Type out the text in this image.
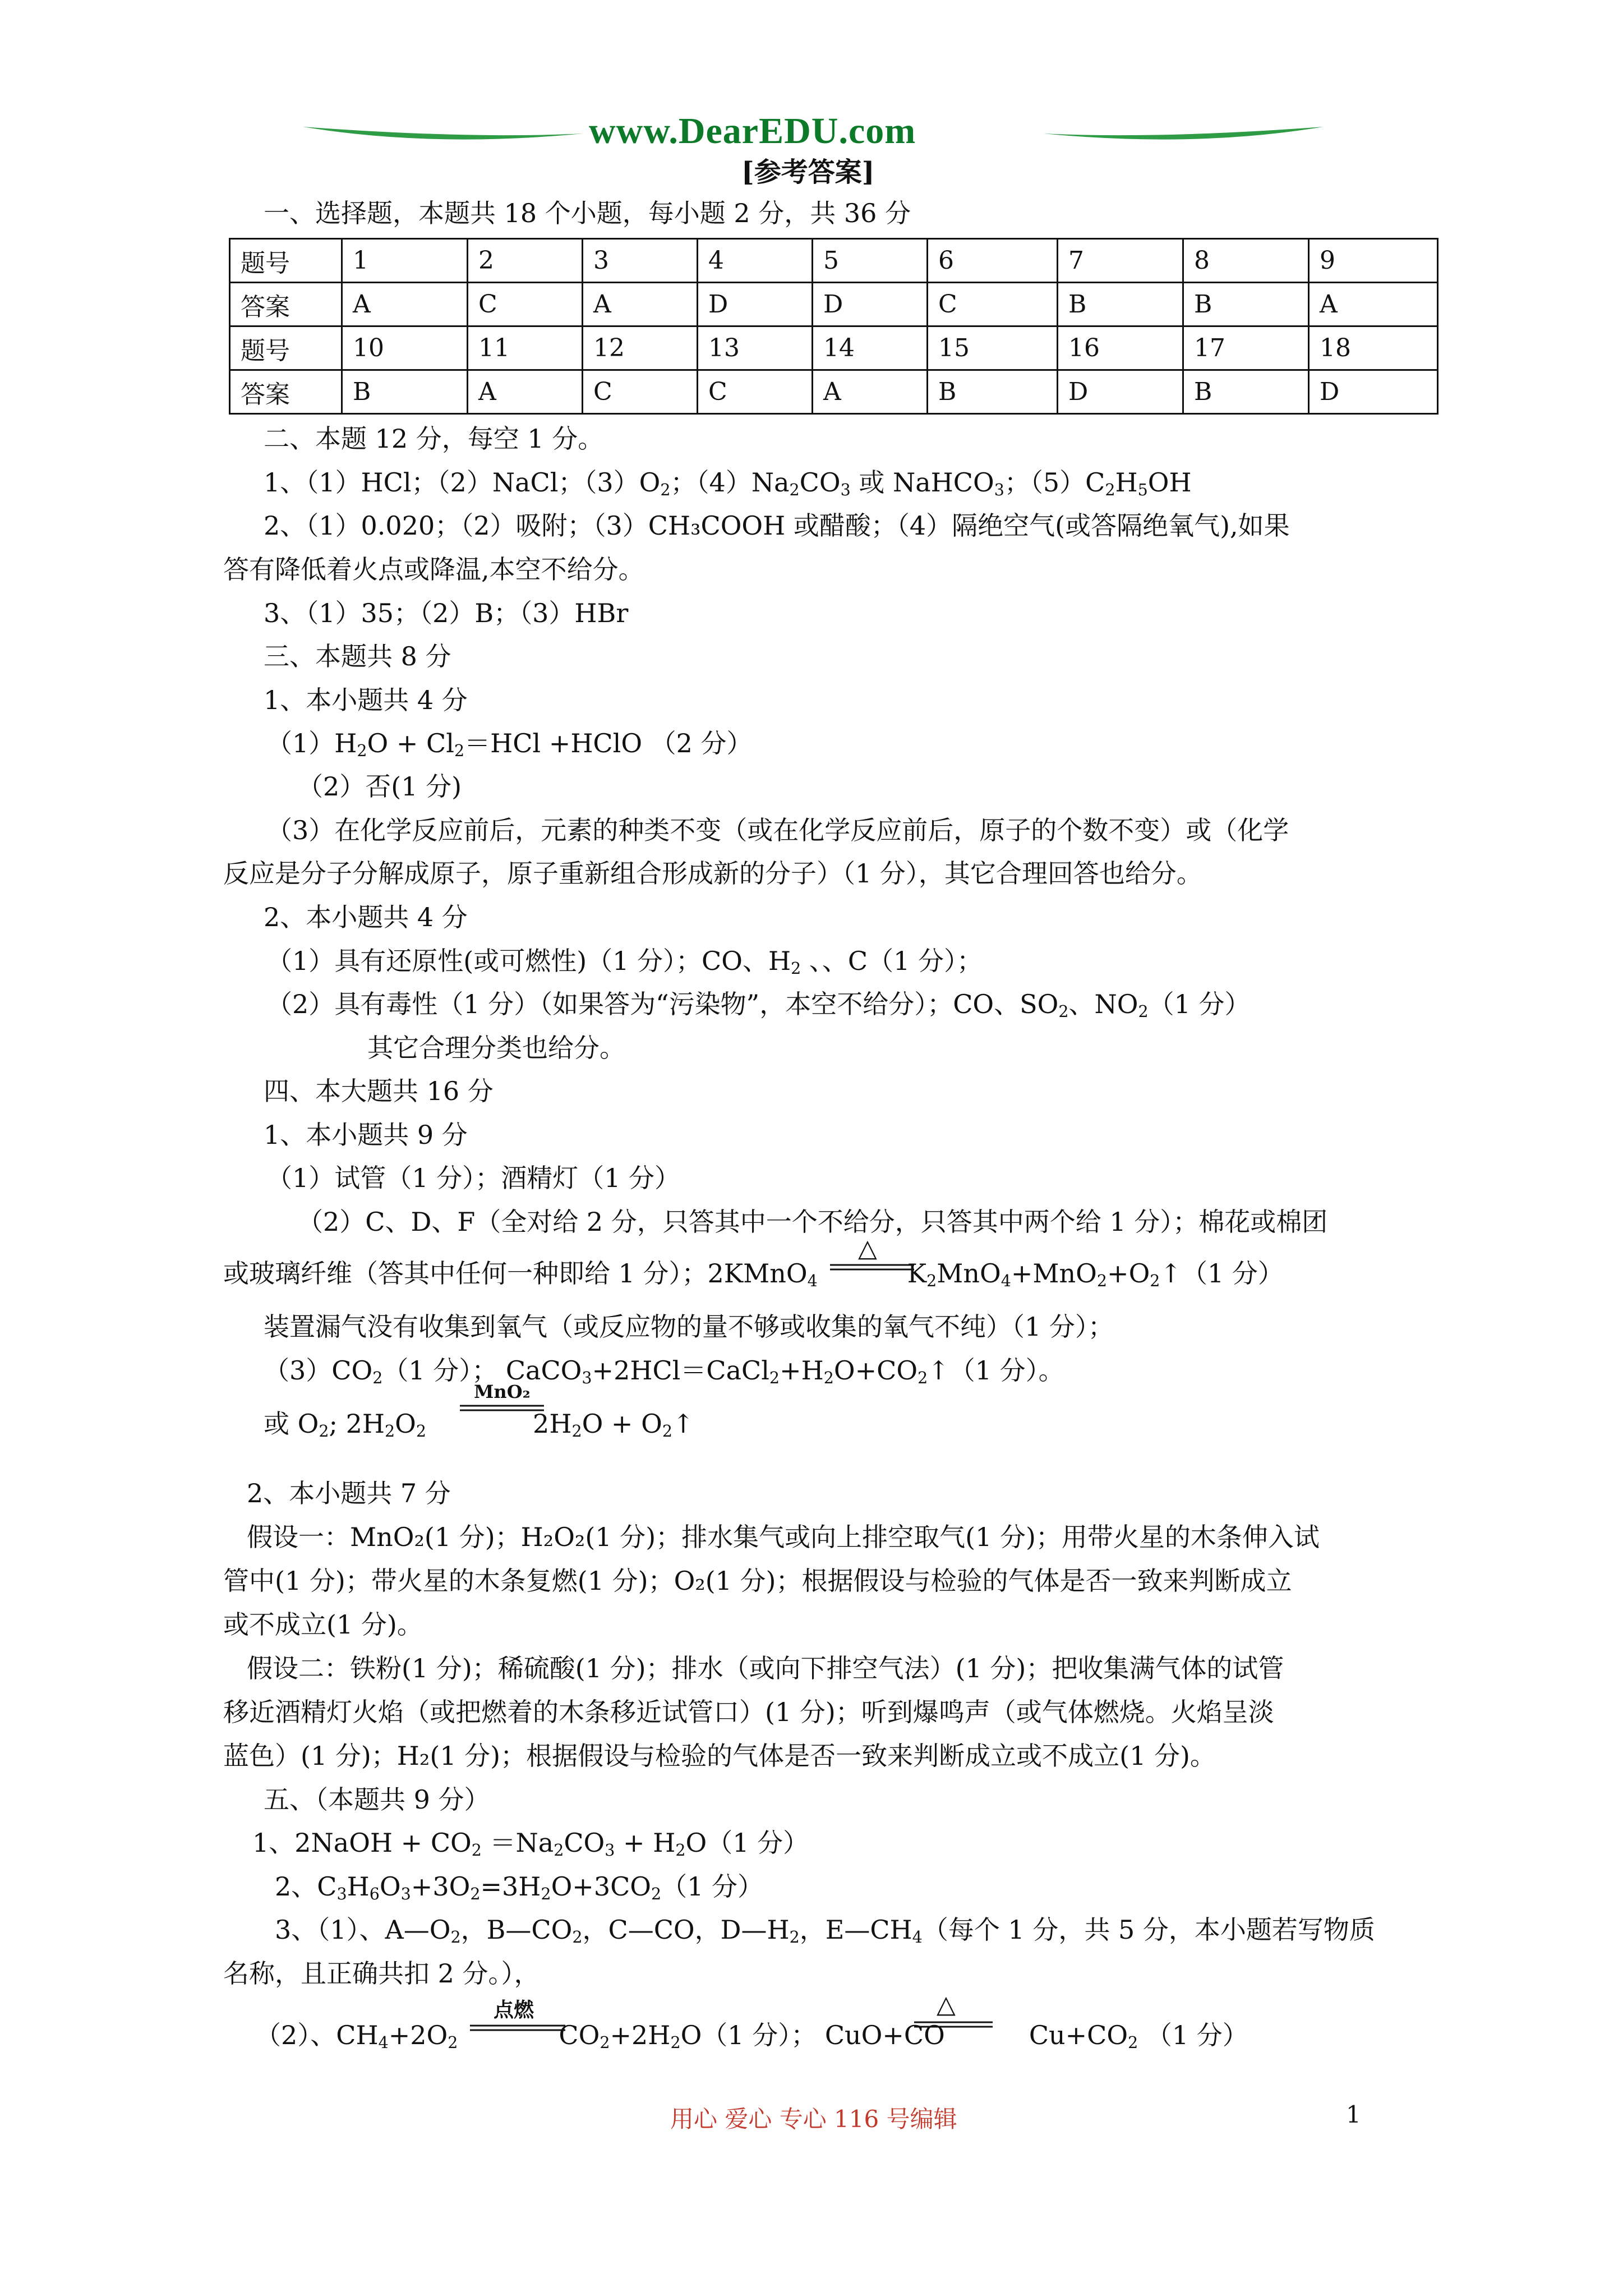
www.DearEDU.com
[参考答案]
一、选择题，本题共 18 个小题，每小题 2 分，共 36 分
题号	1	2	3	4	5	6	7	8	9
答案	A	C	A	D	D	C	B	B	A
题号	10	11	12	13	14	15	16	17	18
答案	B	A	C	C	A	B	D	B	D
二、本题 12 分，每空 1 分。
1、（1）HCl；（2）NaCl；$(3)O_2$；$(4)Na_2CO_3$ 或 NaHCO$_3$；$(5)C_2H_5OH$
2、（1）0.020；（2）吸附；（3）CH₃COOH 或醋酸；（4）隔绝空气(或答隔绝氧气),如果
答有降低着火点或降温,本空不给分。
3、（1）35；（2）B；（3）HBr
三、本题共 8 分
1、本小题共 4 分
$(1)H_2O + Cl_2=HCl$ +HClO （2 分）
（2）否(1 分)
（3）在化学反应前后，元素的种类不变（或在化学反应前后，原子的个数不变）或（化学
反应是分子分解成原子，原子重新组合形成新的分子）（1 分），其它合理回答也给分。
2、本小题共 4 分
（1）具有还原性(或可燃性)（1 分）；CO、$H_2$ 、、C（1 分）；
（2）具有毒性（1 分）（如果答为“污染物”，本空不给分）；CO、$SO_2$、$NO_2(1$ 分）
其它合理分类也给分。
四、本大题共 16 分
1、本小题共 9 分
（1）试管（1 分）；酒精灯（1 分）
（2）C、D、F（全对给 2 分，只答其中一个不给分，只答其中两个给 1 分）；棉花或棉团
或玻璃纤维（答其中任何一种即给 1 分）；2KMnO$_4$	$K_2MnO_4+MnO_2+O_2↑(1$ 分）
△
装置漏气没有收集到氧气（或反应物的量不够或收集的氧气不纯）（1 分）；
$(3)CO_2(1$ 分）； $CaCO_3+2HCl=CaCl_2+H_2O+CO_2↑(1$ 分）。
或 $O_2$; $2H_2O_2$	$2H_2O$ + $O_2↑$
MnO₂
2、本小题共 7 分
假设一：MnO₂(1 分)；H₂O₂(1 分)；排水集气或向上排空取气(1 分)；用带火星的木条伸入试
管中(1 分)；带火星的木条复燃(1 分)；O₂(1 分)；根据假设与检验的气体是否一致来判断成立
或不成立(1 分)。
假设二：铁粉(1 分)；稀硫酸(1 分)；排水（或向下排空气法）(1 分)；把收集满气体的试管
移近酒精灯火焰（或把燃着的木条移近试管口）(1 分)；听到爆鸣声（或气体燃烧。火焰呈淡
蓝色）(1 分)；H₂(1 分)；根据假设与检验的气体是否一致来判断成立或不成立(1 分)。
五、（本题共 9 分）
1、2NaOH + $CO_2 =Na_2CO_3 + H_2O(1$ 分）
2、$C_3H_6O_3+3O_2=3H_2O+3CO_2(1$ 分）
3、（1）、$A—O_2$，$B—CO_2$，C—CO，$D—H_2$，$E—CH_4$（每个 1 分，共 5 分，本小题若写物质
名称，且正确共扣 2 分。），
（2）、$CH_4+2O_2$	$CO_2+2H_2O(1$ 分）； CuO+CO	$Cu+CO_2$ （1 分）
点燃	△
用心 爱心 专心 116 号编辑	1
